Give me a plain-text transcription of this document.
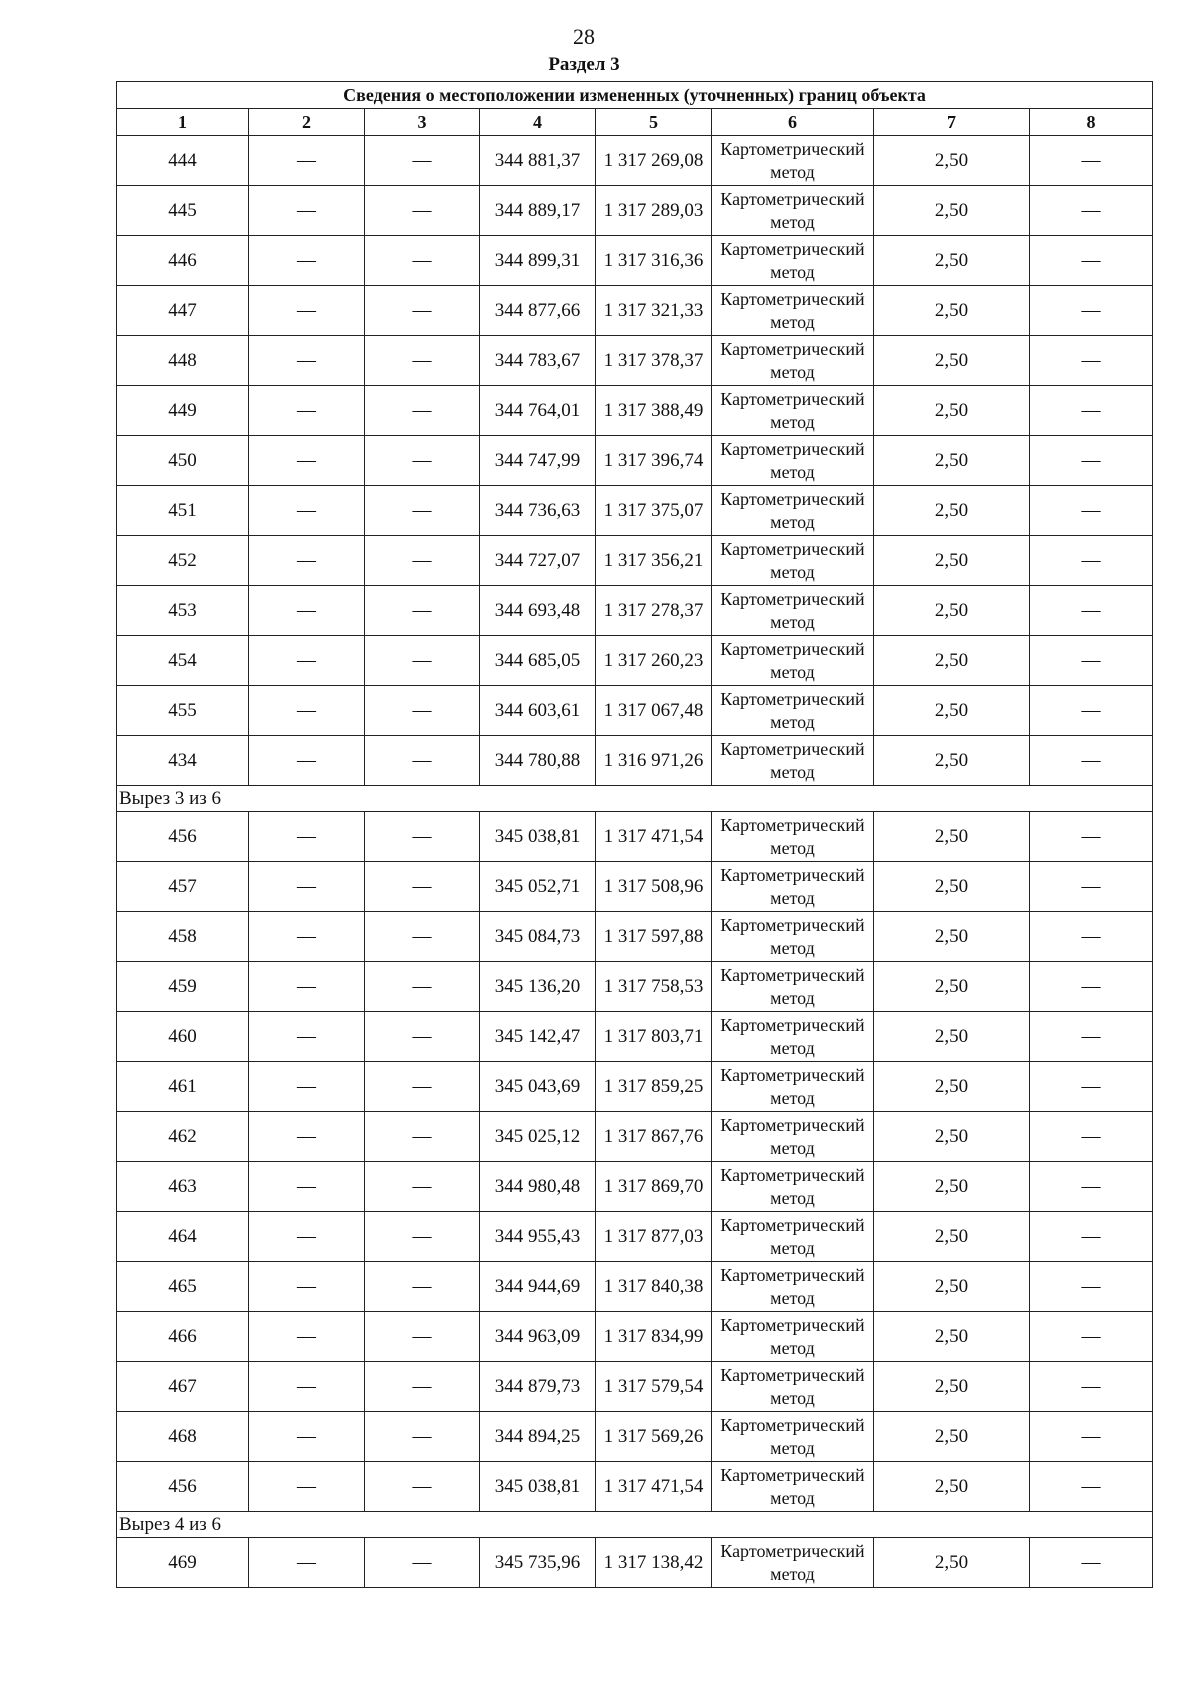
28
Раздел 3
Сведения о местоположении измененных (уточненных) границ объекта							
1	2	3	4	5	6	7	8
444	—	—	344 881,37	1 317 269,08	Картометрический метод	2,50	—
445	—	—	344 889,17	1 317 289,03	Картометрический метод	2,50	—
446	—	—	344 899,31	1 317 316,36	Картометрический метод	2,50	—
447	—	—	344 877,66	1 317 321,33	Картометрический метод	2,50	—
448	—	—	344 783,67	1 317 378,37	Картометрический метод	2,50	—
449	—	—	344 764,01	1 317 388,49	Картометрический метод	2,50	—
450	—	—	344 747,99	1 317 396,74	Картометрический метод	2,50	—
451	—	—	344 736,63	1 317 375,07	Картометрический метод	2,50	—
452	—	—	344 727,07	1 317 356,21	Картометрический метод	2,50	—
453	—	—	344 693,48	1 317 278,37	Картометрический метод	2,50	—
454	—	—	344 685,05	1 317 260,23	Картометрический метод	2,50	—
455	—	—	344 603,61	1 317 067,48	Картометрический метод	2,50	—
434	—	—	344 780,88	1 316 971,26	Картометрический метод	2,50	—
Вырез 3 из 6							
456	—	—	345 038,81	1 317 471,54	Картометрический метод	2,50	—
457	—	—	345 052,71	1 317 508,96	Картометрический метод	2,50	—
458	—	—	345 084,73	1 317 597,88	Картометрический метод	2,50	—
459	—	—	345 136,20	1 317 758,53	Картометрический метод	2,50	—
460	—	—	345 142,47	1 317 803,71	Картометрический метод	2,50	—
461	—	—	345 043,69	1 317 859,25	Картометрический метод	2,50	—
462	—	—	345 025,12	1 317 867,76	Картометрический метод	2,50	—
463	—	—	344 980,48	1 317 869,70	Картометрический метод	2,50	—
464	—	—	344 955,43	1 317 877,03	Картометрический метод	2,50	—
465	—	—	344 944,69	1 317 840,38	Картометрический метод	2,50	—
466	—	—	344 963,09	1 317 834,99	Картометрический метод	2,50	—
467	—	—	344 879,73	1 317 579,54	Картометрический метод	2,50	—
468	—	—	344 894,25	1 317 569,26	Картометрический метод	2,50	—
456	—	—	345 038,81	1 317 471,54	Картометрический метод	2,50	—
Вырез 4 из 6							
469	—	—	345 735,96	1 317 138,42	Картометрический метод	2,50	—
